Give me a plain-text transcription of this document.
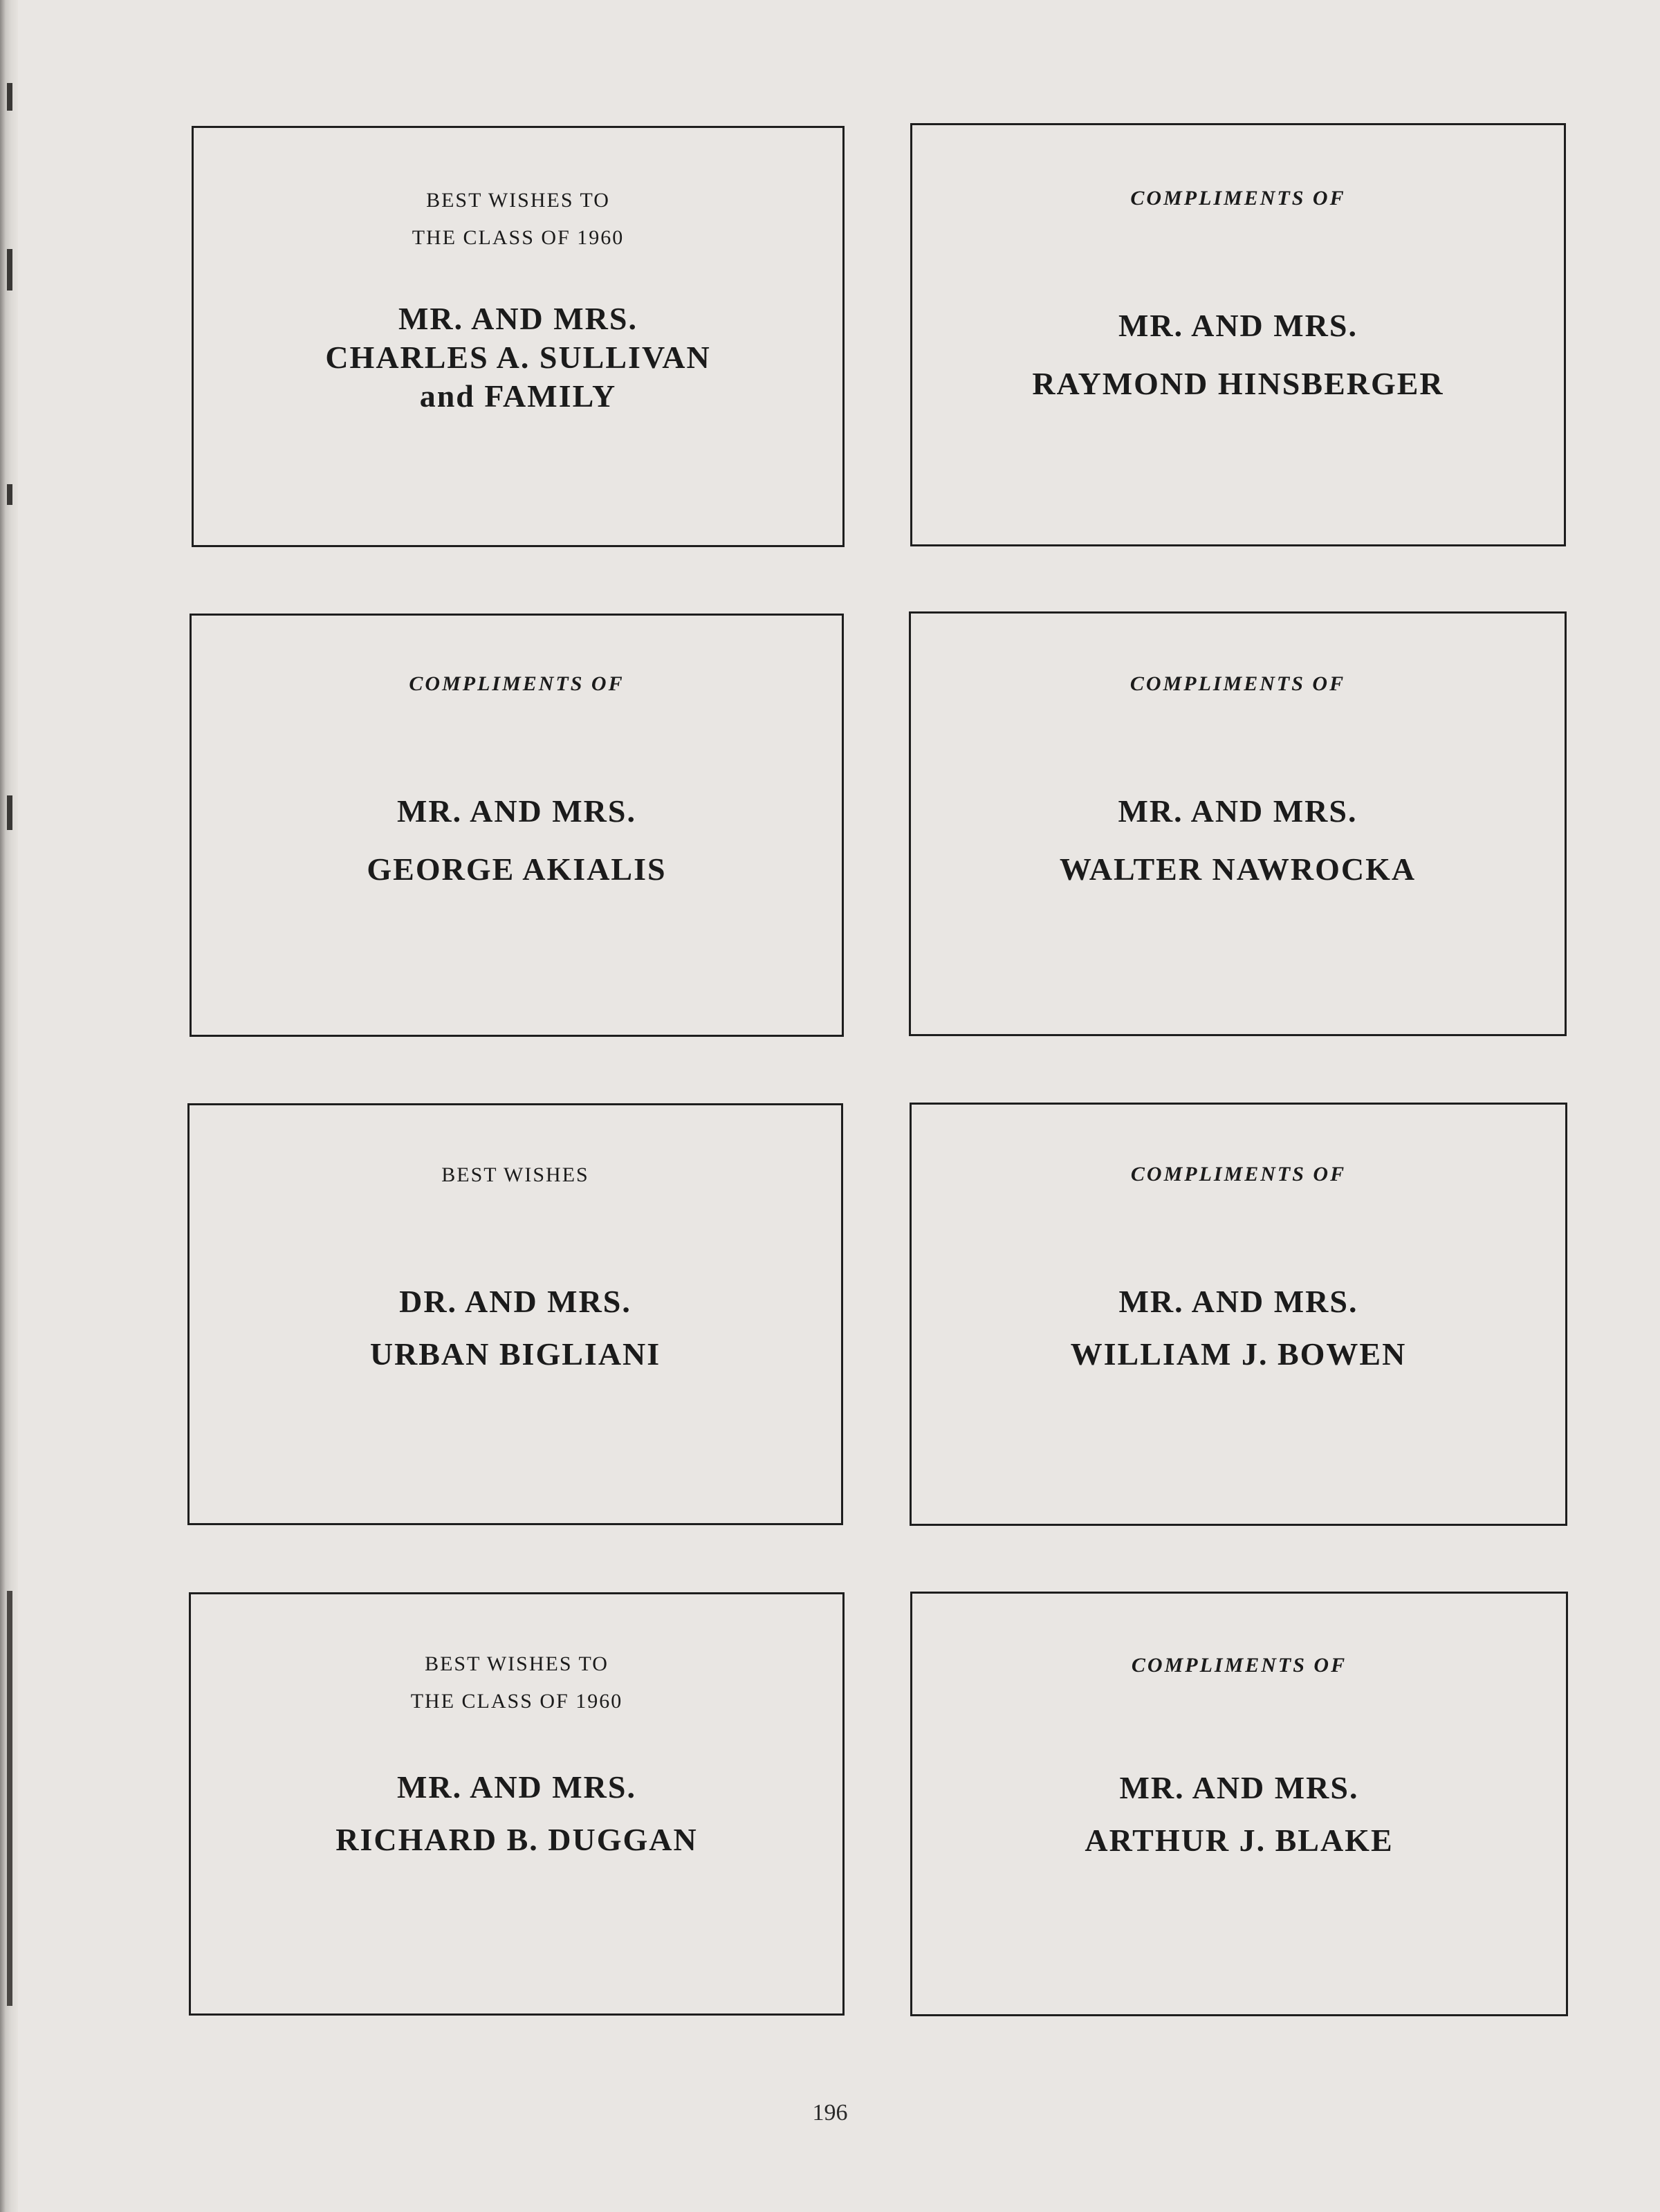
BEST WISHES TO
THE CLASS OF 1960
MR. AND MRS.
CHARLES A. SULLIVAN
and FAMILY
COMPLIMENTS OF
MR. AND MRS.
RAYMOND HINSBERGER
COMPLIMENTS OF
MR. AND MRS.
GEORGE AKIALIS
COMPLIMENTS OF
MR. AND MRS.
WALTER NAWROCKA
BEST WISHES
DR. AND MRS.
URBAN BIGLIANI
COMPLIMENTS OF
MR. AND MRS.
WILLIAM J. BOWEN
BEST WISHES TO
THE CLASS OF 1960
MR. AND MRS.
RICHARD B. DUGGAN
COMPLIMENTS OF
MR. AND MRS.
ARTHUR J. BLAKE
196
